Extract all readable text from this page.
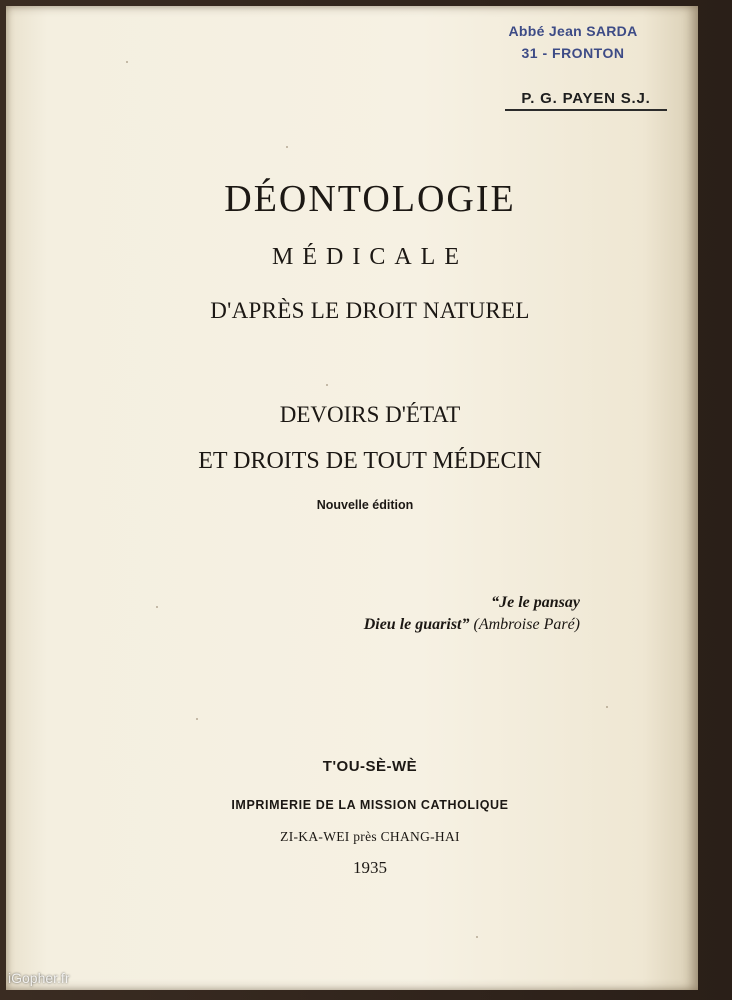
Abbé Jean SARDA
31 - FRONTON
P. G. PAYEN S.J.
DÉONTOLOGIE
MÉDICALE
D'APRÈS LE DROIT NATUREL
DEVOIRS D'ÉTAT
ET DROITS DE TOUT MÉDECIN
Nouvelle édition
“Je le pansay
Dieu le guarist” (Ambroise Paré)
T'OU-SÈ-WÈ
IMPRIMERIE DE LA MISSION CATHOLIQUE
ZI-KA-WEI près CHANG-HAI
1935
iGopher.fr
